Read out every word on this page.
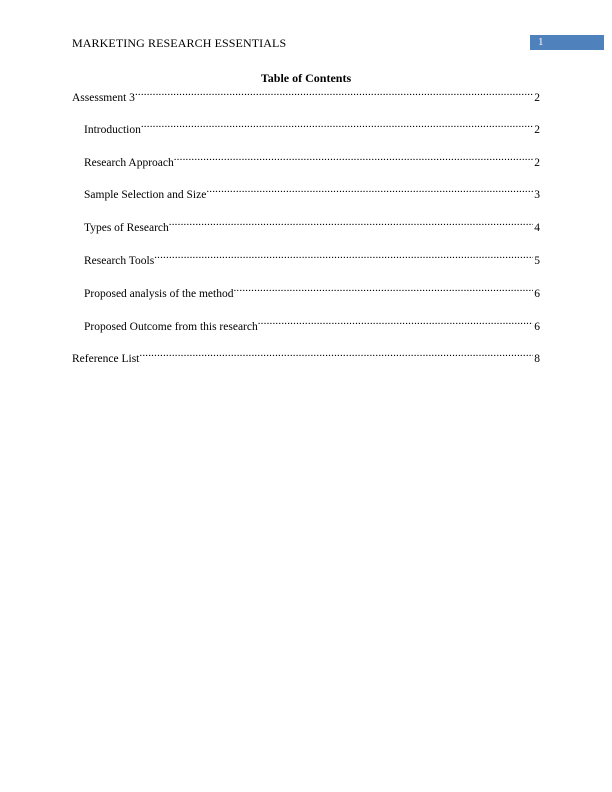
MARKETING RESEARCH ESSENTIALS	1
Table of Contents
Assessment 3 .....	2
Introduction .....	2
Research Approach .....	2
Sample Selection and Size .....	3
Types of Research .....	4
Research Tools .....	5
Proposed analysis of the method .....	6
Proposed Outcome from this research .....	6
Reference List .....	8
